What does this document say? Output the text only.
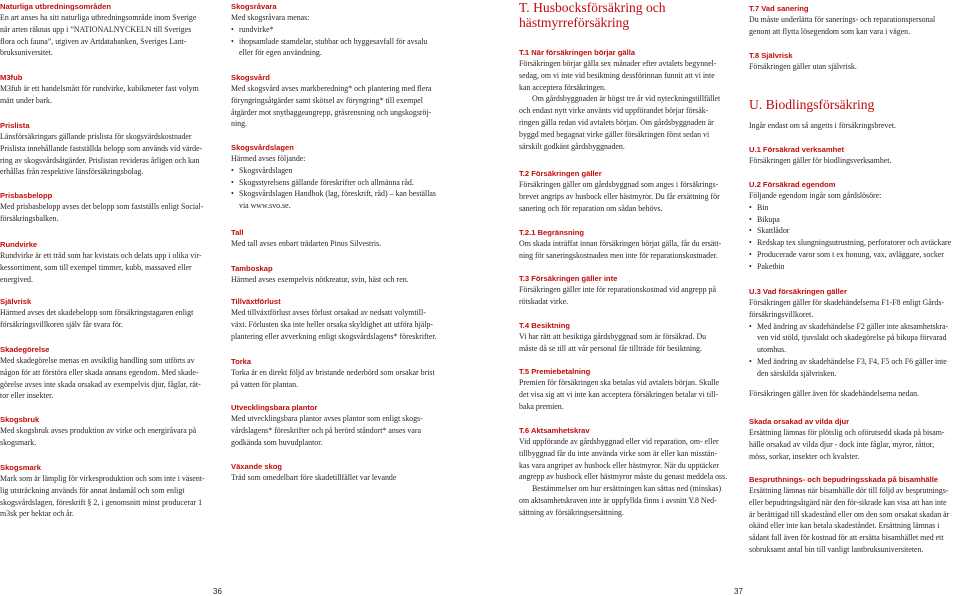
Naturliga utbredningsområden

En art anses ha sitt naturliga utbredningsområde inom Sverige

när arten räknas upp i ”NATIONALNYCKELN till Sveriges

flora och fauna”, utgiven av Artdatabanken, Sveriges Lant-

bruksuniversitet.

M3fub

M3fub är ett handelsmått för rundvirke, kubikmeter fast volym

mätt under bark.

Prislista

Länsförsäkringars gällande prislista för skogsvärdskostnader

Prislista innehållande fastställda belopp som används vid värde-

ring av skogsvårdsåtgärder. Prislistan revideras årligen och kan

erhållas från respektive länsförsäkringsbolag.

Prisbasbelopp

Med prisbasbelopp avses det belopp som fastställs enligt Social-

försäkringsbalken.

Rundvirke

Rundvirke är ett träd som har kvistats och delats upp i olika vir-

kessortiment, som till exempel timmer, kubb, massaved eller

energived.

Självrisk

Härmed avses det skadebelopp som försäkringstagaren enligt

försäkringsvillkoren själv får svara för.

Skadegörelse

Med skadegörelse menas en avsiktlig handling som utförts av

någon för att förstöra eller skada annans egendom. Med skade-

görelse avses inte skada orsakad av exempelvis djur, fåglar, rät-

tor eller insekter.

Skogsbruk

Med skogsbruk avses produktion av virke och energiråvara på

skogsmark.

Skogsmark

Mark som är lämplig för virkesproduktion och som inte i väsent-

lig utsträckning används för annat ändamål och som enligt

skogsvårdslagen, föreskrift § 2, i genomsnitt minst producerar 1

m3sk per hektar och år.

Skogsråvara

Med skogsråvara menas:

• rundvirke*
• ihopsamlade stamdelar, stubbar och hyggesavfall för avsalu
eller för egen användning.

Skogsvård

Med skogsvård avses markberedning* och plantering med flera

föryngringsåtgärder samt skötsel av föryngring* till exempel

åtgärder mot snytbaggeangrepp, gräsrensning och ungskogsröj-

ning.

Skogsvårdslagen

Härmed avses följande:

• Skogsvårdslagen
• Skogsstyrelsens gällande föreskrifter och allmänna råd.
• Skogsvårdslagen Handbok (lag, föreskrift, råd) – kan beställas
via www.svo.se.

Tall

Med tall avses enbart trädarten Pinus Silvestris.

Tamboskap

Härmed avses exempelvis nötkreatur, svin, häst och ren.

Tillväxtförlust

Med tillväxtförlust avses förlust orsakad av nedsatt volymtill-

växt. Förlusten ska inte heller orsaka skyldighet att utföra hjälp-

plantering eller avverkning enligt skogsvårdslagens* föreskrifter.

Torka

Torka är en direkt följd av bristande nederbörd som orsakar brist

på vatten för plantan.

Utvecklingsbara plantor

Med utvecklingsbara plantor avses plantor som enligt skogs-

vårdslagens* föreskrifter och på berörd ståndort* anses vara

godkända som huvudplantor.

Växande skog

Träd som omedelbart före skadetillfället var levande

T. Husbocksförsäkring och

hästmyrreförsäkring

T.1 När försäkringen börjar gälla

Försäkringen börjar gälla sex månader efter avtalets begynnel-

sedag, om vi inte vid besiktning dessförinnan funnit att vi inte

kan acceptera försäkringen.

Om gårdsbyggnaden är högst tre år vid nyteckningstillfället

och endast nytt virke använts vid uppförandet börjar försäk-

ringen gälla redan vid avtalets början. Om gårdsbyggnaden är

byggd med begagnat virke gäller försäkringen först sedan vi

särskilt godkänt gårdsbyggnaden.

T.2 Försäkringen gäller

Försäkringen gäller om gårdsbyggnad som anges i försäkrings-

brevet angrips av husbock eller hästmyror. Du får ersättning för

sanering och för reparation om sådan behövs.

T.2.1 Begränsning

Om skada inträffat innan försäkringen börjat gälla, får du ersätt-

ning för saneringskostnaden men inte för reparationskostnader.

T.3 Försäkringen gäller inte

Försäkringen gäller inte för reparationskostnad vid angrepp på

rötskadat virke.

T.4 Besiktning

Vi har rätt att besiktiga gårdsbyggnad som är försäkrad. Du

måste då se till att vår personal får tillträde för besiktning.

T.5 Premiebetalning

Premien för försäkringen ska betalas vid avtalets början. Skulle

det visa sig att vi inte kan acceptera försäkringen betalar vi till-

baka premien.

T.6 Aktsamhetskrav

Vid uppförande av gårdsbyggnad eller vid reparation, om- eller

tillbyggnad får du inte använda virke som är eller kan misstän-

kas vara angripet av husbock eller hästmyror. När du upptäcker

angrepp av husbock eller hästmyror måste du genast meddela oss.

Bestämmelser om hur ersättningen kan sättas ned (minskas)

om aktsamhetskraven inte är uppfyllda finns i avsnitt Y.8 Ned-

sättning av försäkringsersättning.

T.7 Vad sanering

Du måste underlätta för sanerings- och reparationspersonal

genom att flytta lösegendom som kan vara i vägen.

T.8 Självrisk

Försäkringen gäller utan självrisk.

U. Biodlingsförsäkring

Ingår endast om så angetts i försäkringsbrevet.

U.1 Försäkrad verksamhet

Försäkringen gäller för biodlingsverksamhet.

U.2 Försäkrad egendom

Följande egendom ingår som gårdslösöre:

• Bin
• Bikupa
• Skattlådor
• Redskap tex slungningsutrustning, perforatorer och avtäckare
• Producerade varor som t ex honung, vax, avläggare, socker
• Paketbin

U.3 Vad försäkringen gäller

Försäkringen gäller för skadehändelserna F1-F8 enligt Gårds-

försäkringsvillkoret.

• Med ändring av skadehändelse F2 gäller inte aktsamhetskra-
ven vid stöld, tjuvslakt och skadegörelse på bikupa förvarad
utomhus.
• Med ändring av skadehändelse F3, F4, F5 och F6 gäller inte
den särskilda självrisken.

Försäkringen gäller även för skadehändelserna nedan.

Skada orsakad av vilda djur

Ersättning lämnas för plötslig och oförutsedd skada på bisam-

hälle orsakad av vilda djur - dock inte fåglar, myror, råttor,

möss, sorkar, insekter och kvalster.

Bespruthnings- och bepudringsskada på bisamhälle

Ersättning lämnas när bisamhälle dör till följd av besprutnings-

eller bepudringsåtgärd när den för-sikrade kan visa att han inte

är berättigad till skadestånd eller om den som orsakat skadan är

okänd eller inte kan betala skadeståndet. Ersättning lämnas i

sådant fall även för kostnad för att ersätta bisamhället med ett

sobruksamt antal bin till vanligt lantbruksuniversiteten.

36	37
